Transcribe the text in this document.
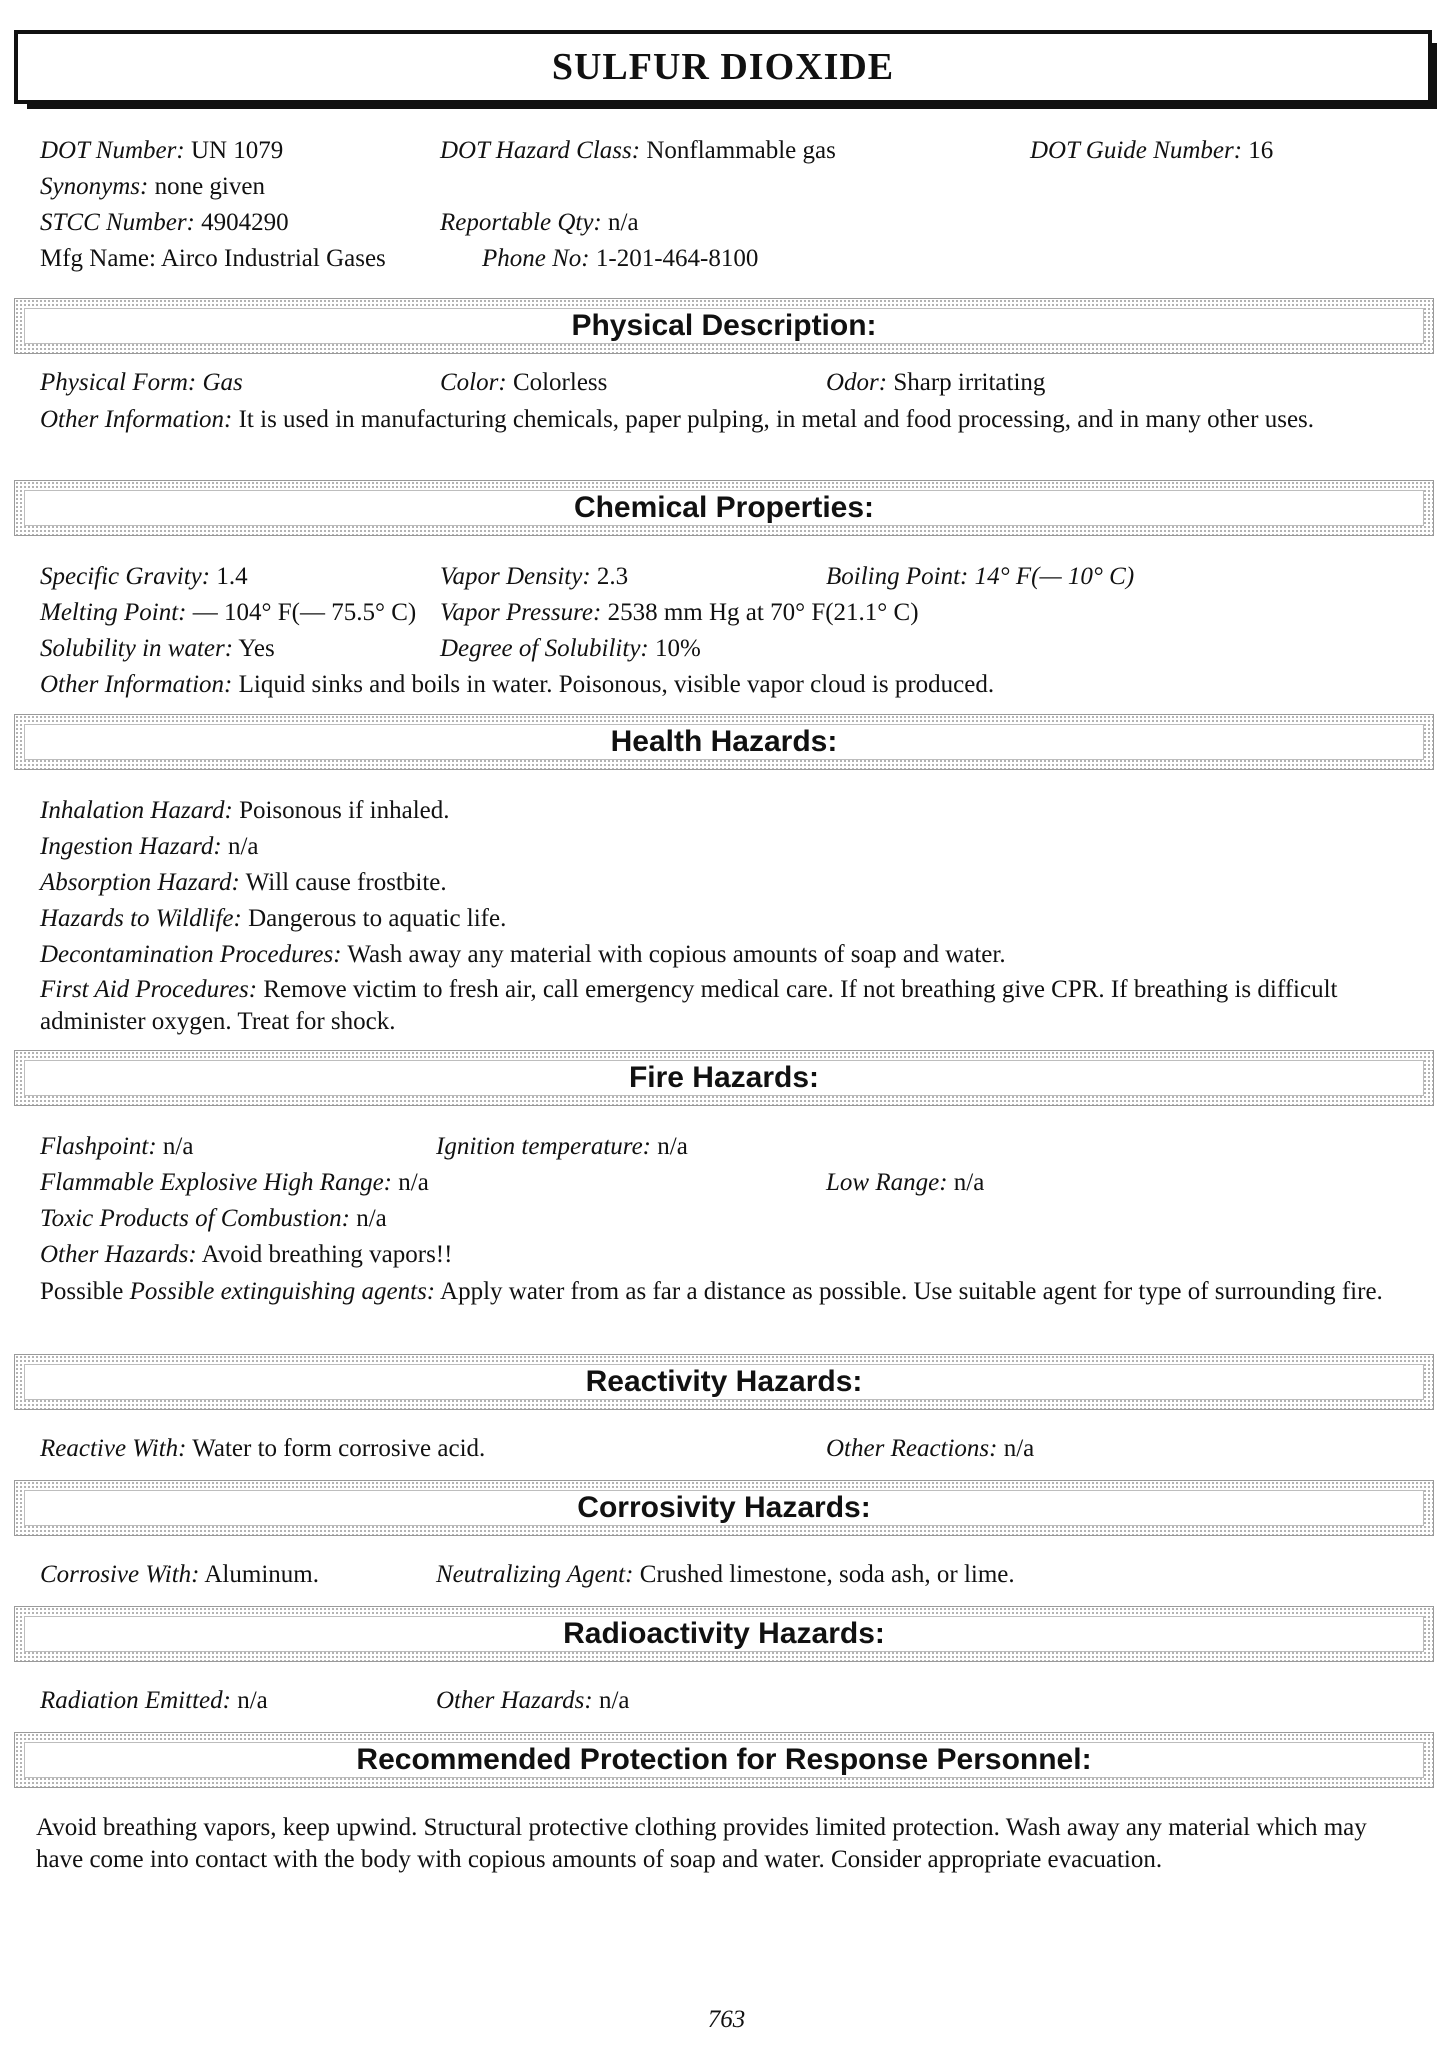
SULFUR DIOXIDE
DOT Number: UN 1079	DOT Hazard Class: Nonflammable gas	DOT Guide Number: 16
Synonyms: none given
STCC Number: 4904290	Reportable Qty: n/a
Mfg Name: Airco Industrial Gases	Phone No: 1-201-464-8100
Physical Description:
Physical Form: Gas	Color: Colorless	Odor: Sharp irritating
Other Information: It is used in manufacturing chemicals, paper pulping, in metal and food processing, and in many other uses.
Chemical Properties:
Specific Gravity: 1.4	Vapor Density: 2.3	Boiling Point: 14° F(— 10° C)
Melting Point: — 104° F(— 75.5° C) Vapor Pressure: 2538 mm Hg at 70° F(21.1° C)
Solubility in water: Yes	Degree of Solubility: 10%
Other Information: Liquid sinks and boils in water. Poisonous, visible vapor cloud is produced.
Health Hazards:
Inhalation Hazard: Poisonous if inhaled.
Ingestion Hazard: n/a
Absorption Hazard: Will cause frostbite.
Hazards to Wildlife: Dangerous to aquatic life.
Decontamination Procedures: Wash away any material with copious amounts of soap and water.
First Aid Procedures: Remove victim to fresh air, call emergency medical care. If not breathing give CPR. If breathing is difficult administer oxygen. Treat for shock.
Fire Hazards:
Flashpoint: n/a	Ignition temperature: n/a
Flammable Explosive High Range: n/a	Low Range: n/a
Toxic Products of Combustion: n/a
Other Hazards: Avoid breathing vapors!!
Possible Possible extinguishing agents: Apply water from as far a distance as possible. Use suitable agent for type of surrounding fire.
Reactivity Hazards:
Reactive With: Water to form corrosive acid.	Other Reactions: n/a
Corrosivity Hazards:
Corrosive With: Aluminum.	Neutralizing Agent: Crushed limestone, soda ash, or lime.
Radioactivity Hazards:
Radiation Emitted: n/a	Other Hazards: n/a
Recommended Protection for Response Personnel:
Avoid breathing vapors, keep upwind. Structural protective clothing provides limited protection. Wash away any material which may have come into contact with the body with copious amounts of soap and water. Consider appropriate evacuation.
763
